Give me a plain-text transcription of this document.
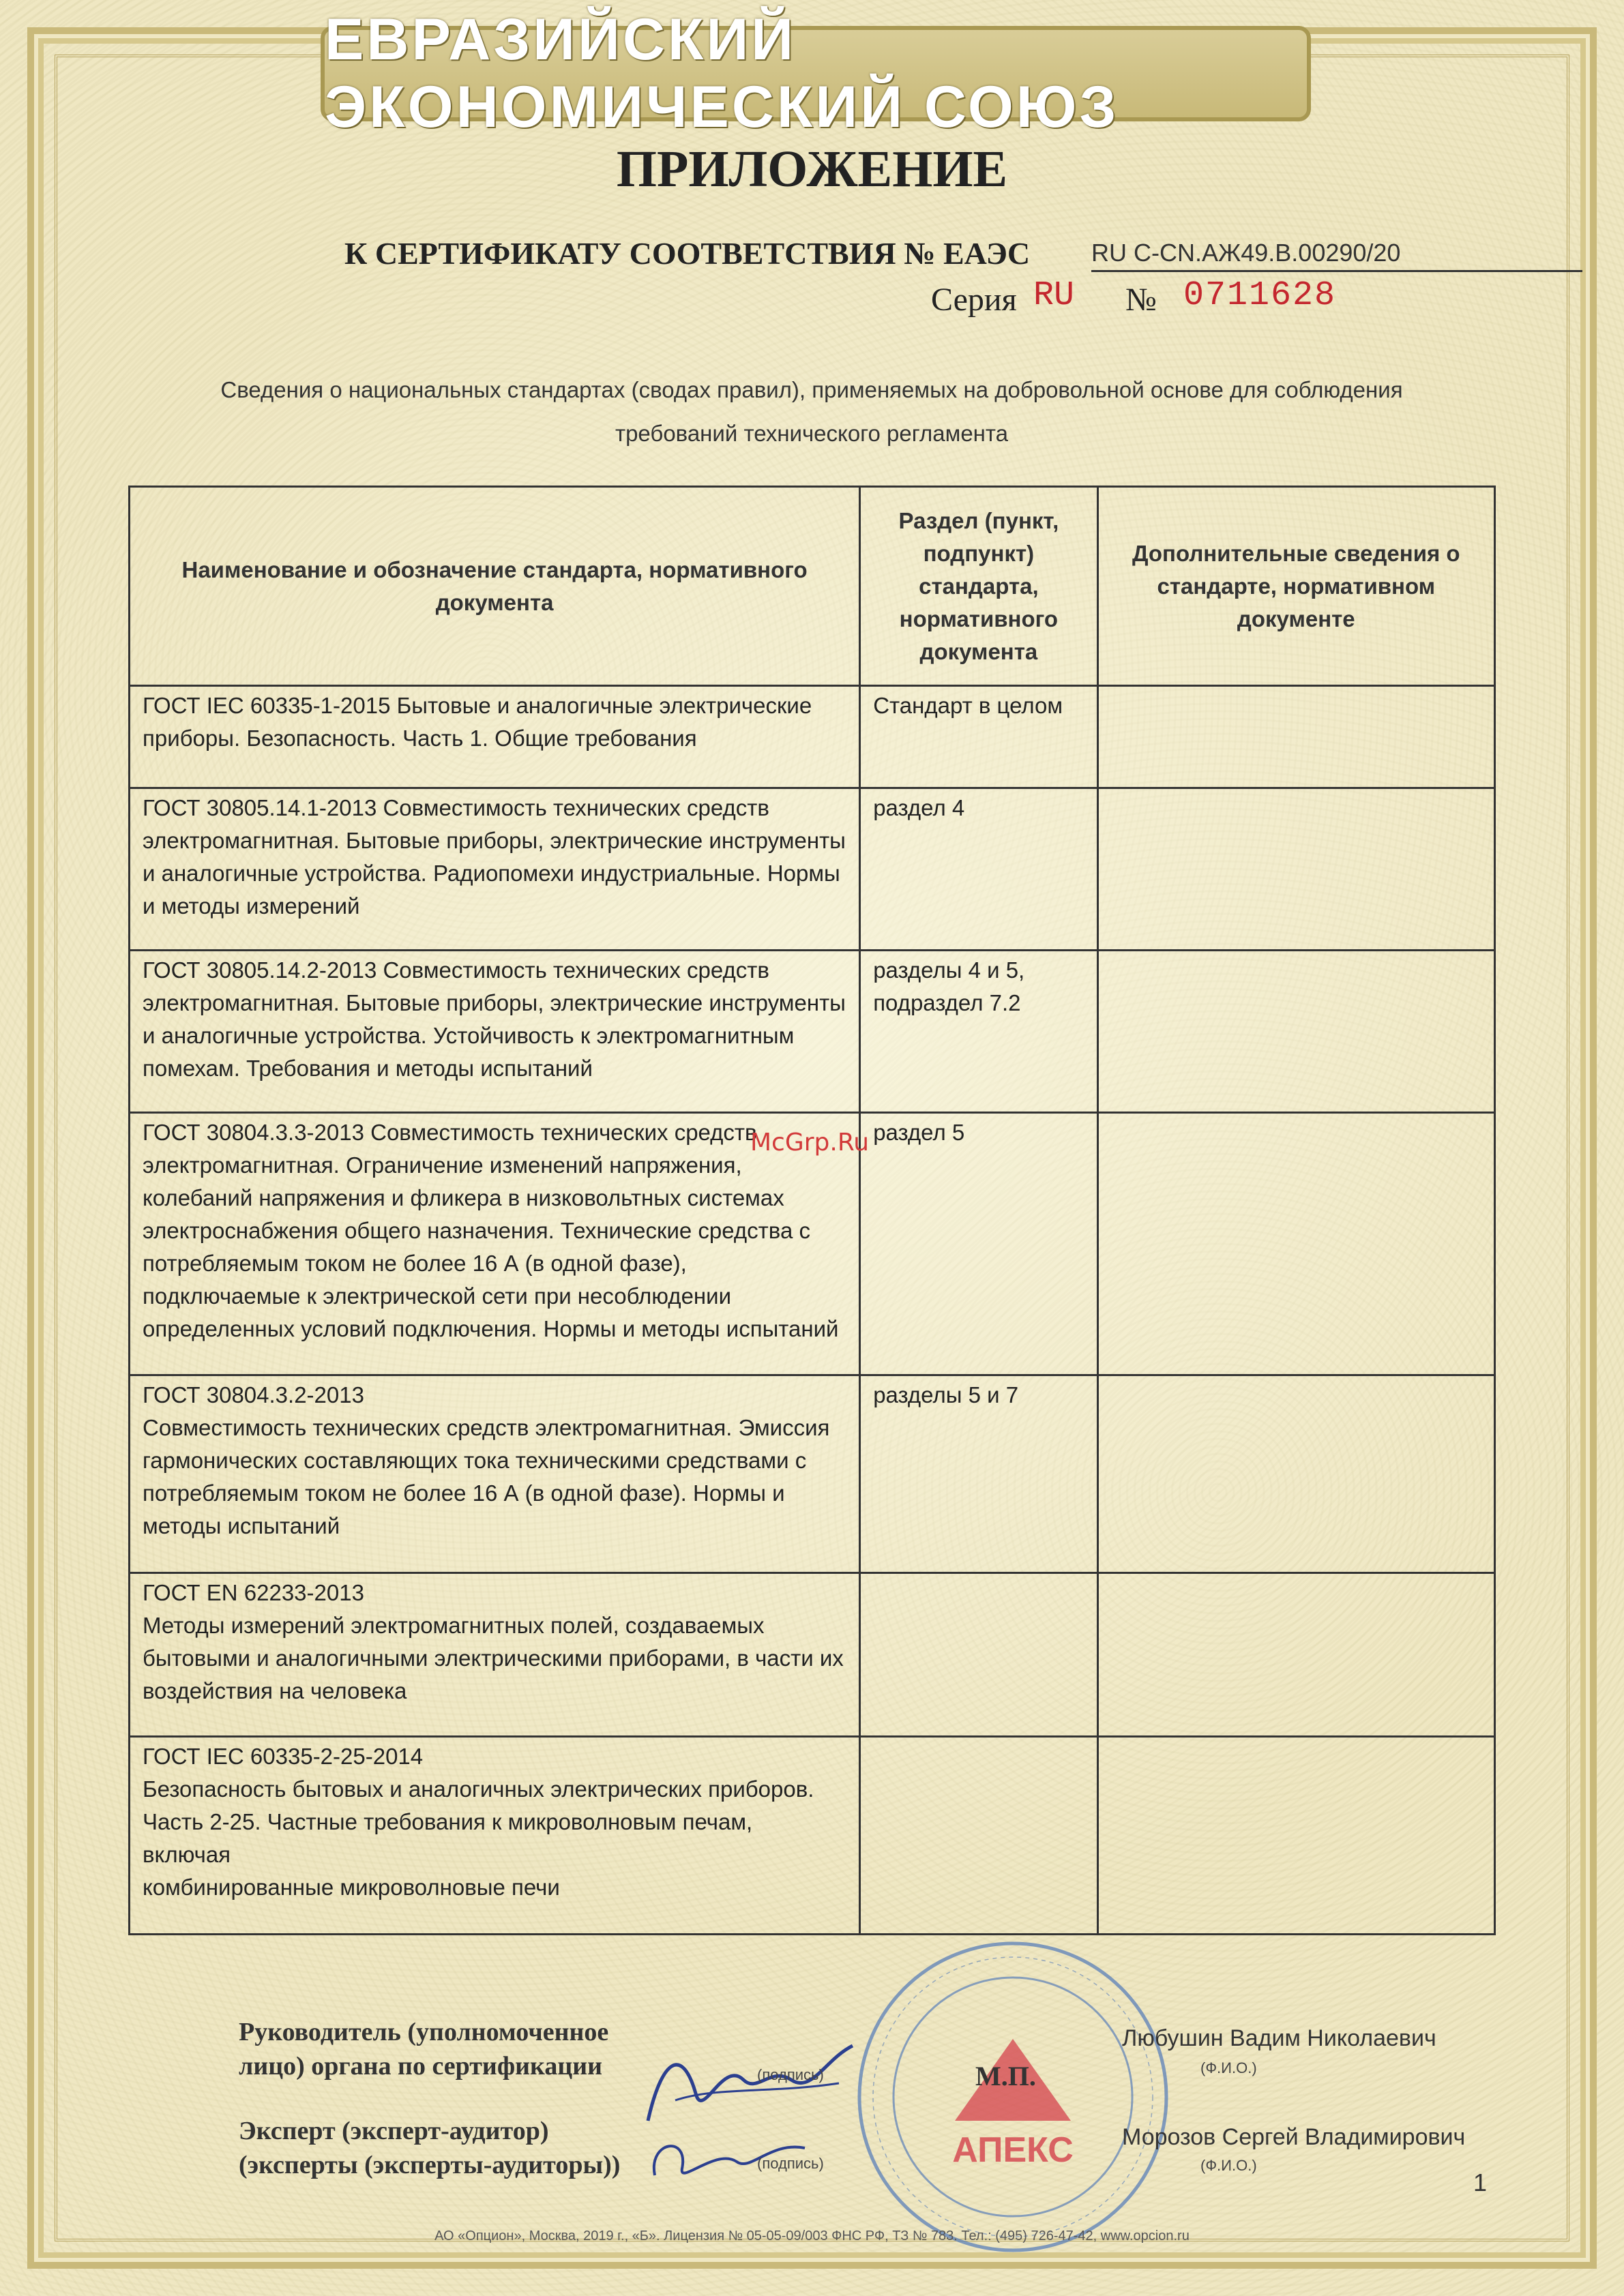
ЕВРАЗИЙСКИЙ ЭКОНОМИЧЕСКИЙ СОЮЗ
ПРИЛОЖЕНИЕ
К СЕРТИФИКАТУ СООТВЕТСТВИЯ № ЕАЭС RU C-CN.АЖ49.В.00290/20
Серия RU № 0711628
Сведения о национальных стандартах (сводах правил), применяемых на добровольной основе для соблюдения
требований технического регламента
Наименование и обозначение стандарта, нормативного документа	Раздел (пункт, подпункт) стандарта, нормативного документа	Дополнительные сведения о стандарте, нормативном документе
ГОСТ IEC 60335-1-2015 Бытовые и аналогичные электрические приборы. Безопасность. Часть 1. Общие требования	Стандарт в целом	
ГОСТ 30805.14.1-2013 Совместимость технических средств электромагнитная. Бытовые приборы, электрические инструменты и аналогичные устройства. Радиопомехи индустриальные. Нормы и методы измерений	раздел 4	
ГОСТ 30805.14.2-2013 Совместимость технических средств электромагнитная. Бытовые приборы, электрические инструменты и аналогичные устройства. Устойчивость к электромагнитным помехам. Требования и методы испытаний	разделы 4 и 5, подраздел 7.2	
ГОСТ 30804.3.3-2013 Совместимость технических средств электромагнитная. Ограничение изменений напряжения, колебаний напряжения и фликера в низковольтных системах электроснабжения общего назначения. Технические средства с потребляемым током не более 16 А (в одной фазе), подключаемые к электрической сети при несоблюдении определенных условий подключения. Нормы и методы испытаний	раздел 5	
ГОСТ 30804.3.2-2013
Совместимость технических средств электромагнитная. Эмиссия гармонических составляющих тока техническими средствами с
потребляемым током не более 16 А (в одной фазе). Нормы и методы испытаний	разделы 5 и 7	
ГОСТ EN 62233-2013
Методы измерений электромагнитных полей, создаваемых бытовыми и аналогичными электрическими приборами, в части их воздействия на человека		
ГОСТ IEC 60335-2-25-2014
Безопасность бытовых и аналогичных электрических приборов.
Часть 2-25. Частные требования к микроволновым печам, включая
комбинированные микроволновые печи		
McGrp.Ru
АПЕКС
Руководитель (уполномоченное
лицо) органа по сертификации	(подпись)
Любушин Вадим Николаевич
(Ф.И.О.)
М.П.
Эксперт (эксперт-аудитор)
(эксперты (эксперты-аудиторы))	(подпись)
Морозов Сергей Владимирович
(Ф.И.О.)
1
АО «Опцион», Москва, 2019 г., «Б». Лицензия № 05-05-09/003 ФНС РФ, ТЗ № 783. Тел.: (495) 726-47-42, www.opcion.ru
